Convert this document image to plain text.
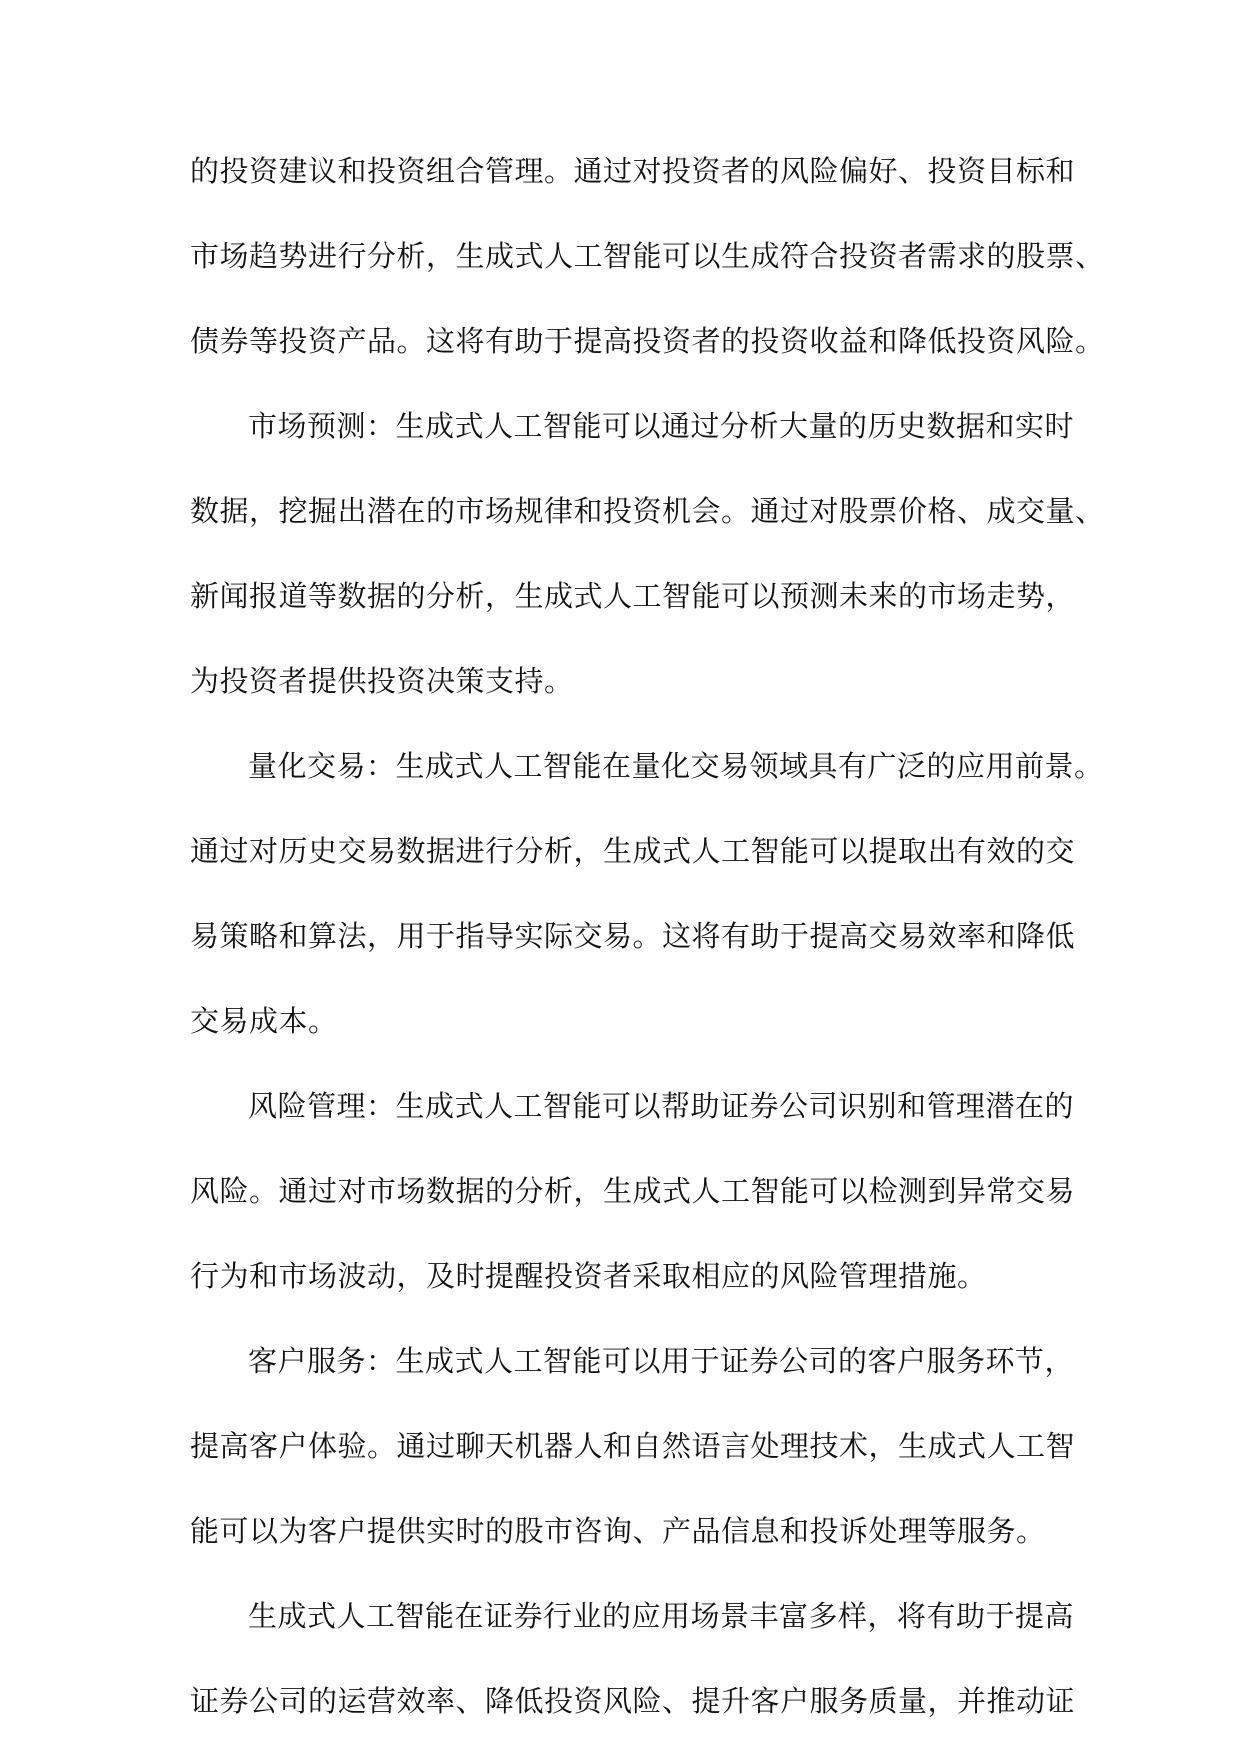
的投资建议和投资组合管理。通过对投资者的风险偏好、投资目标和
市场趋势进行分析，生成式人工智能可以生成符合投资者需求的股票、
债券等投资产品。这将有助于提高投资者的投资收益和降低投资风险。
市场预测：生成式人工智能可以通过分析大量的历史数据和实时
数据，挖掘出潜在的市场规律和投资机会。通过对股票价格、成交量、
新闻报道等数据的分析，生成式人工智能可以预测未来的市场走势，
为投资者提供投资决策支持。
量化交易：生成式人工智能在量化交易领域具有广泛的应用前景。
通过对历史交易数据进行分析，生成式人工智能可以提取出有效的交
易策略和算法，用于指导实际交易。这将有助于提高交易效率和降低
交易成本。
风险管理：生成式人工智能可以帮助证券公司识别和管理潜在的
风险。通过对市场数据的分析，生成式人工智能可以检测到异常交易
行为和市场波动，及时提醒投资者采取相应的风险管理措施。
客户服务：生成式人工智能可以用于证券公司的客户服务环节，
提高客户体验。通过聊天机器人和自然语言处理技术，生成式人工智
能可以为客户提供实时的股市咨询、产品信息和投诉处理等服务。
生成式人工智能在证券行业的应用场景丰富多样，将有助于提高
证券公司的运营效率、降低投资风险、提升客户服务质量，并推动证
